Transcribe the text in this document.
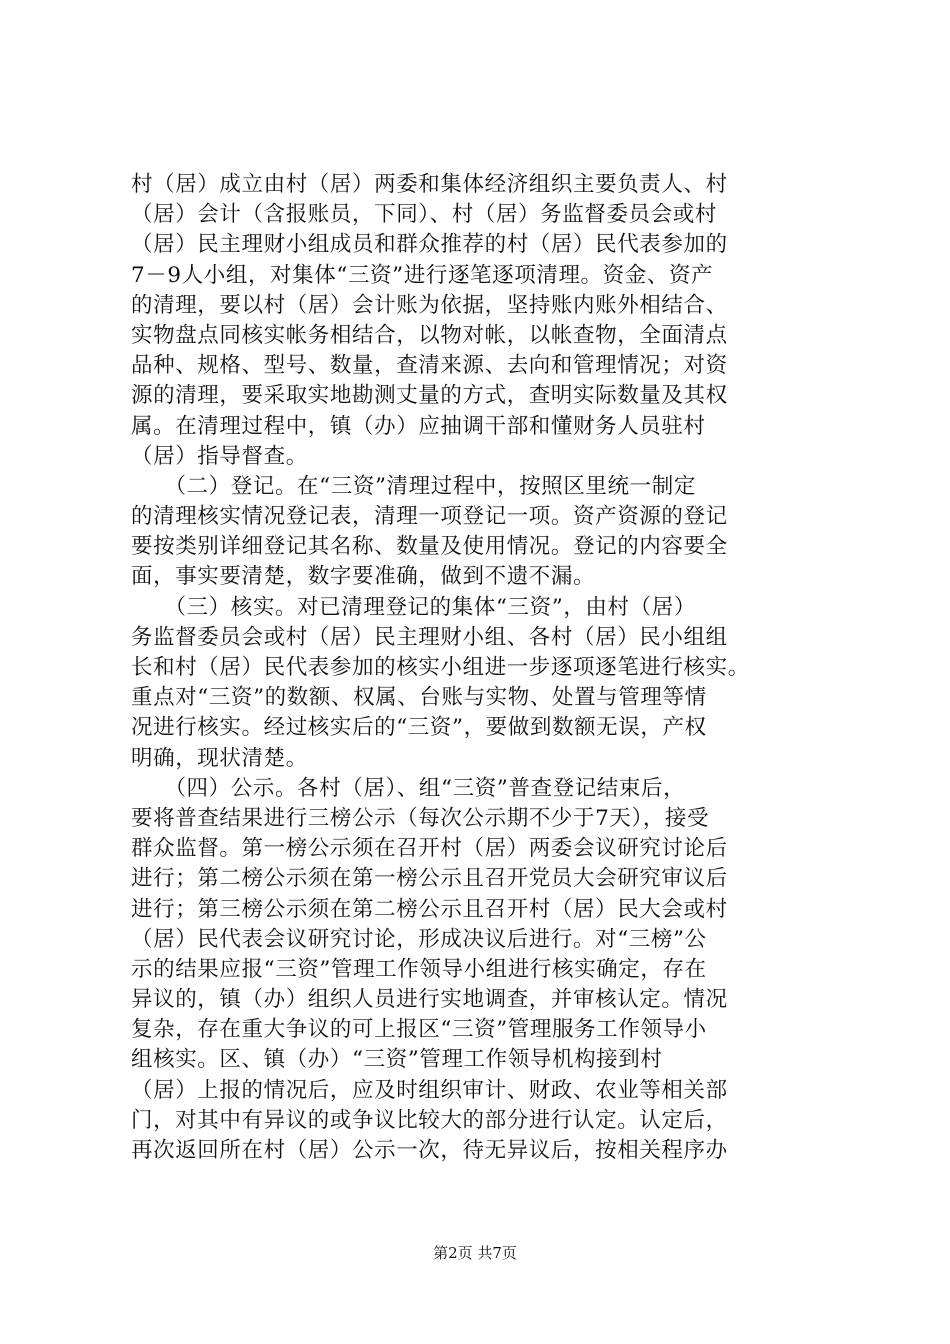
村（居）成立由村（居）两委和集体经济组织主要负责人、村
（居）会计（含报账员，下同）、村（居）务监督委员会或村
（居）民主理财小组成员和群众推荐的村（居）民代表参加的
7－9人小组，对集体“三资”进行逐笔逐项清理。资金、资产
的清理，要以村（居）会计账为依据，坚持账内账外相结合、
实物盘点同核实帐务相结合，以物对帐，以帐查物，全面清点
品种、规格、型号、数量，查清来源、去向和管理情况；对资
源的清理，要采取实地勘测丈量的方式，查明实际数量及其权
属。在清理过程中，镇（办）应抽调干部和懂财务人员驻村
（居）指导督查。
　　（二）登记。在“三资”清理过程中，按照区里统一制定
的清理核实情况登记表，清理一项登记一项。资产资源的登记
要按类别详细登记其名称、数量及使用情况。登记的内容要全
面，事实要清楚，数字要准确，做到不遗不漏。
　　（三）核实。对已清理登记的集体“三资”，由村（居）
务监督委员会或村（居）民主理财小组、各村（居）民小组组
长和村（居）民代表参加的核实小组进一步逐项逐笔进行核实。
重点对“三资”的数额、权属、台账与实物、处置与管理等情
况进行核实。经过核实后的“三资”，要做到数额无误，产权
明确，现状清楚。
　　（四）公示。各村（居）、组“三资”普查登记结束后，
要将普查结果进行三榜公示（每次公示期不少于7天），接受
群众监督。第一榜公示须在召开村（居）两委会议研究讨论后
进行；第二榜公示须在第一榜公示且召开党员大会研究审议后
进行；第三榜公示须在第二榜公示且召开村（居）民大会或村
（居）民代表会议研究讨论，形成决议后进行。对“三榜”公
示的结果应报“三资”管理工作领导小组进行核实确定，存在
异议的，镇（办）组织人员进行实地调查，并审核认定。情况
复杂，存在重大争议的可上报区“三资”管理服务工作领导小
组核实。区、镇（办）“三资”管理工作领导机构接到村
（居）上报的情况后，应及时组织审计、财政、农业等相关部
门，对其中有异议的或争议比较大的部分进行认定。认定后，
再次返回所在村（居）公示一次，待无异议后，按相关程序办
第2页 共7页
